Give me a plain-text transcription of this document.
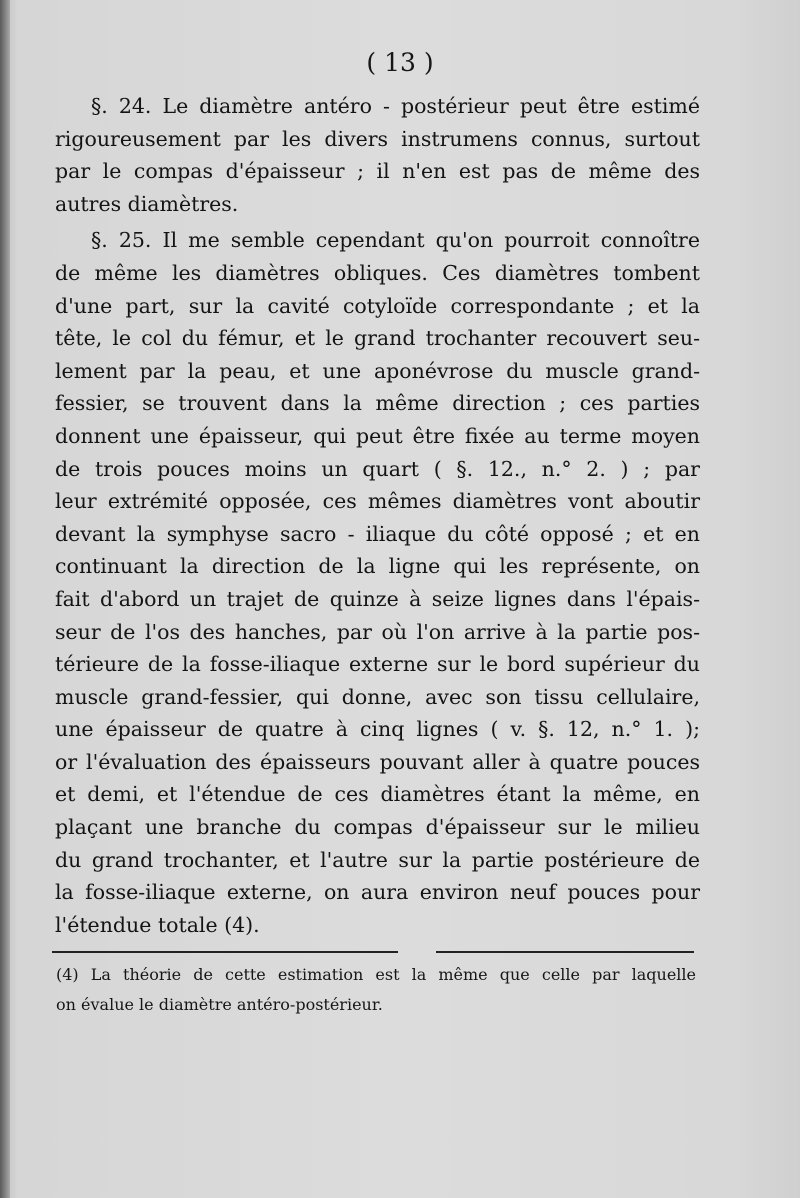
( 13 )

§. 24. Le diamètre antéro - postérieur peut être estimé
rigoureusement par les divers instrumens connus, surtout
par le compas d'épaisseur ; il n'en est pas de même des
autres diamètres.

§. 25. Il me semble cependant qu'on pourroit connoître
de même les diamètres obliques. Ces diamètres tombent
d'une part, sur la cavité cotyloïde correspondante ; et la
tête, le col du fémur, et le grand trochanter recouvert seu-
lement par la peau, et une aponévrose du muscle grand-
fessier, se trouvent dans la même direction ; ces parties
donnent une épaisseur, qui peut être fixée au terme moyen
de trois pouces moins un quart ( §. 12., n.° 2. ) ; par
leur extrémité opposée, ces mêmes diamètres vont aboutir
devant la symphyse sacro - iliaque du côté opposé ; et en
continuant la direction de la ligne qui les représente, on
fait d'abord un trajet de quinze à seize lignes dans l'épais-
seur de l'os des hanches, par où l'on arrive à la partie pos-
térieure de la fosse-iliaque externe sur le bord supérieur du
muscle grand-fessier, qui donne, avec son tissu cellulaire,
une épaisseur de quatre à cinq lignes ( v. §. 12, n.° 1. );
or l'évaluation des épaisseurs pouvant aller à quatre pouces
et demi, et l'étendue de ces diamètres étant la même, en
plaçant une branche du compas d'épaisseur sur le milieu
du grand trochanter, et l'autre sur la partie postérieure de
la fosse-iliaque externe, on aura environ neuf pouces pour
l'étendue totale (4).

(4) La théorie de cette estimation est la même que celle par laquelle
on évalue le diamètre antéro-postérieur.
